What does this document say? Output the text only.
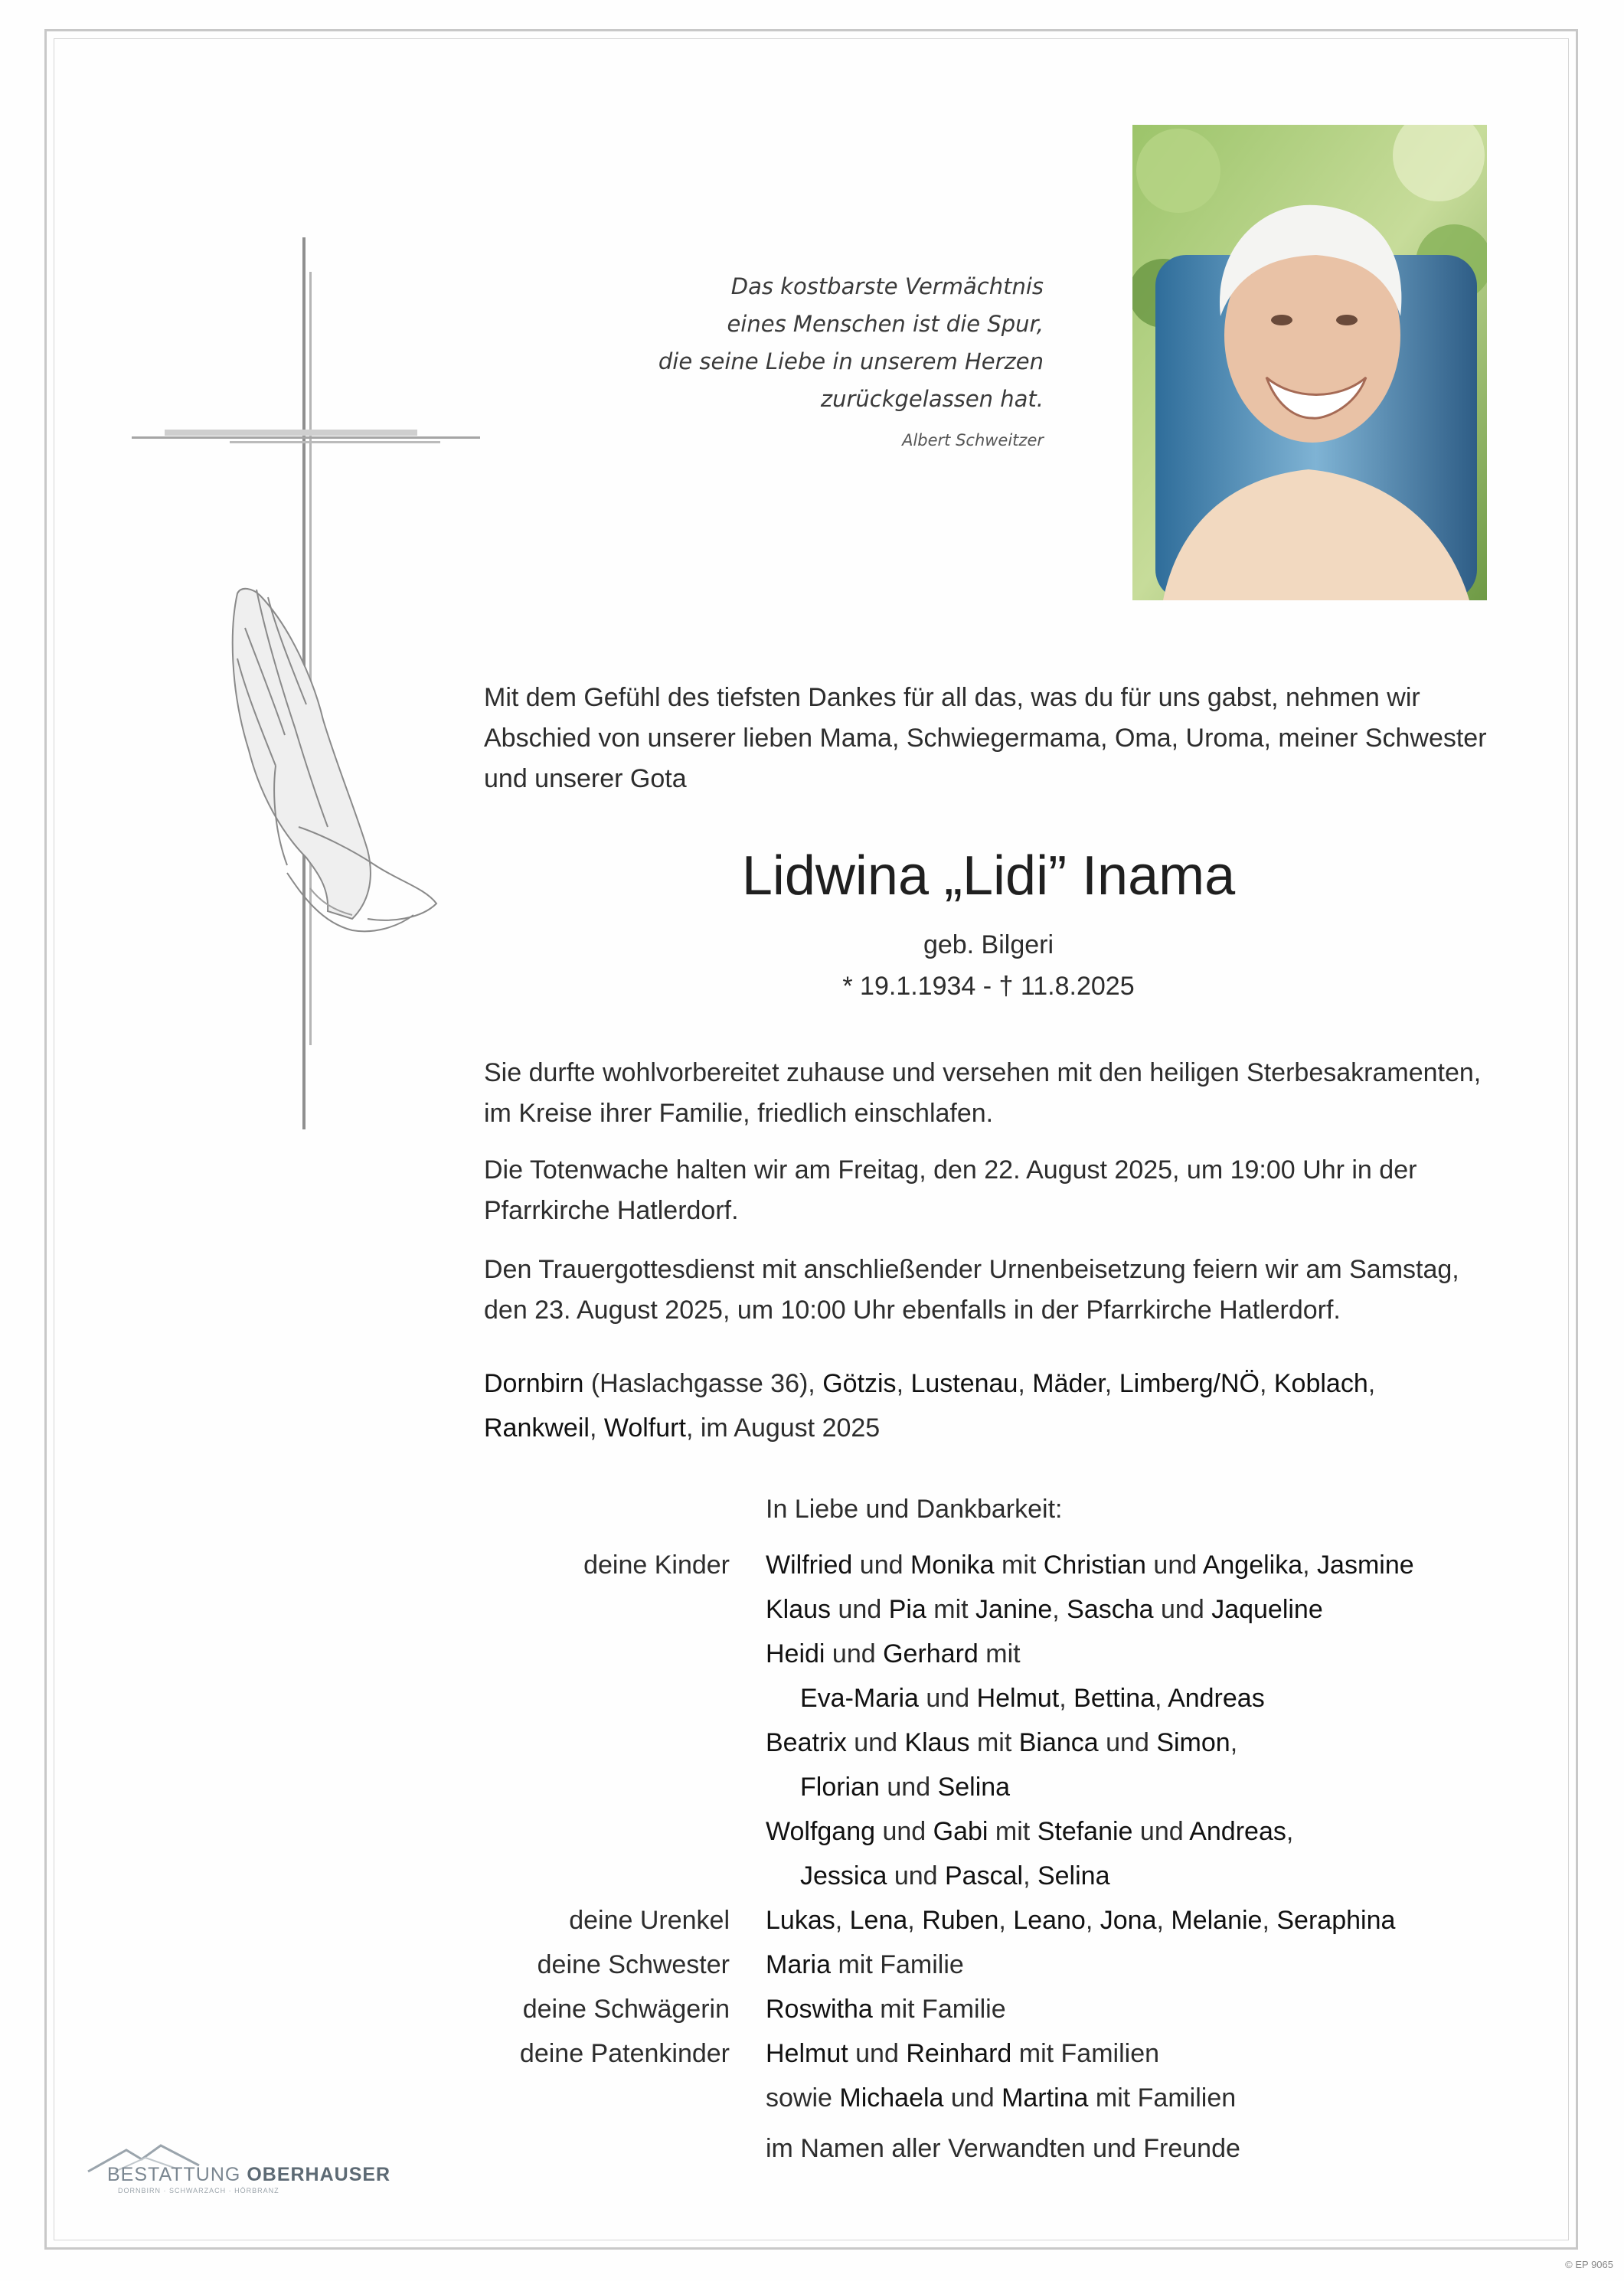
Das kostbarste Vermächtnis
eines Menschen ist die Spur,
die seine Liebe in unserem Herzen
zurückgelassen hat.
Albert Schweitzer
Mit dem Gefühl des tiefsten Dankes für all das, was du für uns gabst, nehmen wir Abschied von unserer lieben Mama, Schwiegermama, Oma, Uroma, meiner Schwester und unserer Gota
Lidwina „Lidi” Inama
geb. Bilgeri
* 19.1.1934 - † 11.8.2025
Sie durfte wohlvorbereitet zuhause und versehen mit den heiligen Sterbesakramenten, im Kreise ihrer Familie, friedlich einschlafen.
Die Totenwache halten wir am Freitag, den 22. August 2025, um 19:00 Uhr in der Pfarrkirche Hatlerdorf.
Den Trauergottesdienst mit anschließender Urnenbeisetzung feiern wir am Samstag, den 23. August 2025, um 10:00 Uhr ebenfalls in der Pfarrkirche Hatlerdorf.
Dornbirn (Haslachgasse 36), Götzis, Lustenau, Mäder, Limberg/NÖ, Koblach,
Rankweil, Wolfurt, im August 2025
In Liebe und Dankbarkeit:
deine Kinder
deine Urenkel
deine Schwester
deine Schwägerin
deine Patenkinder
Wilfried und Monika mit Christian und Angelika, Jasmine
Klaus und Pia mit Janine, Sascha und Jaqueline
Heidi und Gerhard mit
Eva-Maria und Helmut, Bettina, Andreas
Beatrix und Klaus mit Bianca und Simon,
Florian und Selina
Wolfgang und Gabi mit Stefanie und Andreas,
Jessica und Pascal, Selina
Lukas, Lena, Ruben, Leano, Jona, Melanie, Seraphina
Maria mit Familie
Roswitha mit Familie
Helmut und Reinhard mit Familien
sowie Michaela und Martina mit Familien
im Namen aller Verwandten und Freunde
BESTATTUNG OBERHAUSER
DORNBIRN · SCHWARZACH · HÖRBRANZ
© EP 9065
